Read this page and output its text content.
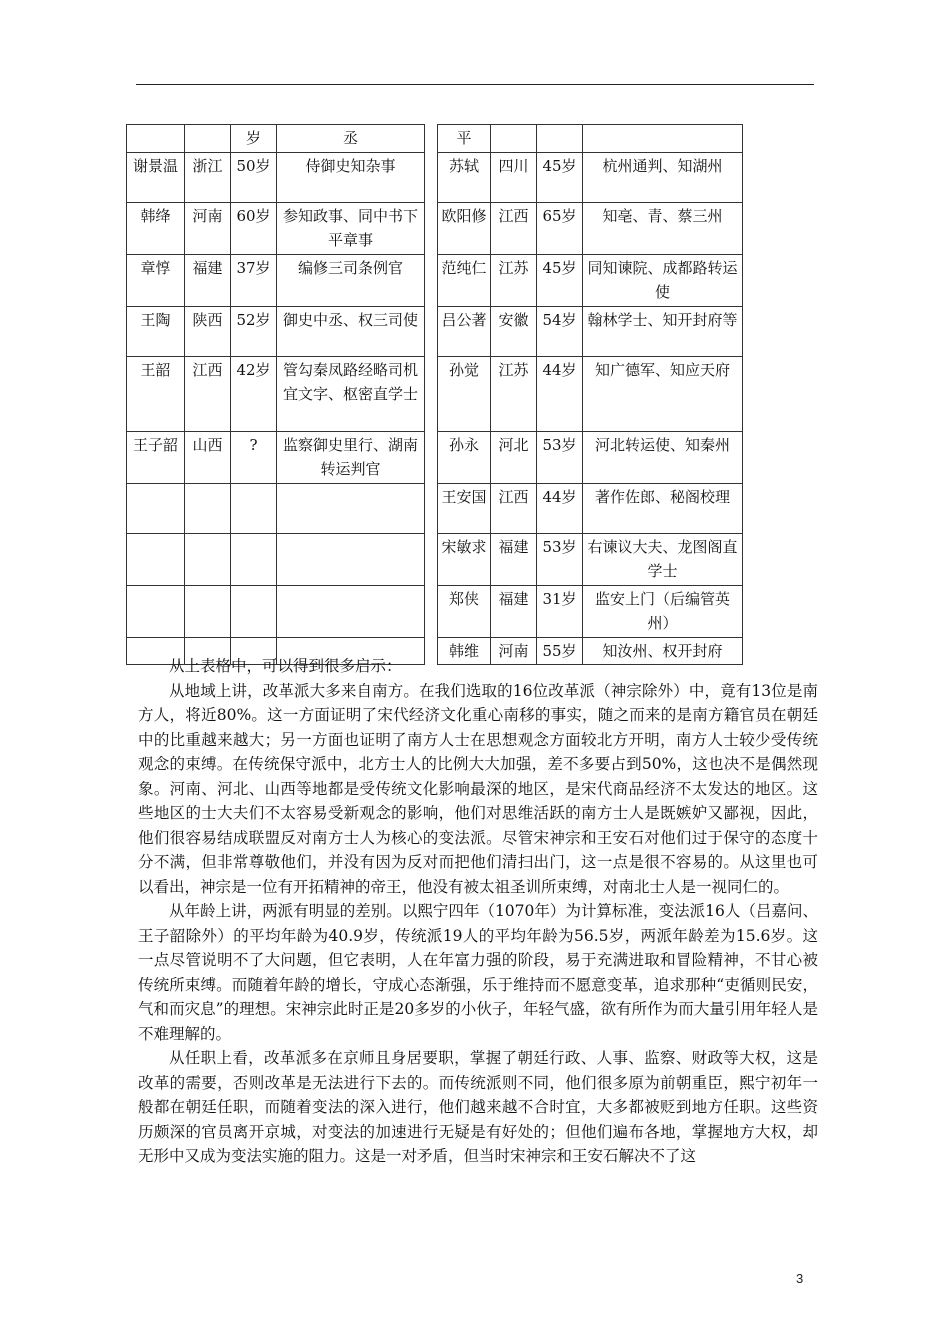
		岁	丞		平			
谢景温	浙江	50岁	侍御史知杂事		苏轼	四川	45岁	杭州通判、知湖州
韩绛	河南	60岁	参知政事、同中书下平章事		欧阳修	江西	65岁	知亳、青、蔡三州
章惇	福建	37岁	编修三司条例官		范纯仁	江苏	45岁	同知谏院、成都路转运使
王陶	陕西	52岁	御史中丞、权三司使		吕公著	安徽	54岁	翰林学士、知开封府等
王韶	江西	42岁	管勾秦凤路经略司机宜文字、枢密直学士		孙觉	江苏	44岁	知广德军、知应天府
王子韶	山西	?	监察御史里行、湖南转运判官		孙永	河北	53岁	河北转运使、知秦州
					王安国	江西	44岁	著作佐郎、秘阁校理
					宋敏求	福建	53岁	右谏议大夫、龙图阁直学士
					郑侠	福建	31岁	监安上门（后编管英州）
					韩维	河南	55岁	知汝州、权开封府

从上表格中，可以得到很多启示：

从地域上讲，改革派大多来自南方。在我们选取的16位改革派（神宗除外）中，竟有13位是南方人，将近80%。这一方面证明了宋代经济文化重心南移的事实，随之而来的是南方籍官员在朝廷中的比重越来越大；另一方面也证明了南方人士在思想观念方面较北方开明，南方人士较少受传统观念的束缚。在传统保守派中，北方士人的比例大大加强，差不多要占到50%，这也决不是偶然现象。河南、河北、山西等地都是受传统文化影响最深的地区，是宋代商品经济不太发达的地区。这些地区的士大夫们不太容易受新观念的影响，他们对思维活跃的南方士人是既嫉妒又鄙视，因此，他们很容易结成联盟反对南方士人为核心的变法派。尽管宋神宗和王安石对他们过于保守的态度十分不满，但非常尊敬他们，并没有因为反对而把他们清扫出门，这一点是很不容易的。从这里也可以看出，神宗是一位有开拓精神的帝王，他没有被太祖圣训所束缚，对南北士人是一视同仁的。

从年龄上讲，两派有明显的差别。以熙宁四年（1070年）为计算标准，变法派16人（吕嘉问、王子韶除外）的平均年龄为40.9岁，传统派19人的平均年龄为56.5岁，两派年龄差为15.6岁。这一点尽管说明不了大问题，但它表明，人在年富力强的阶段，易于充满进取和冒险精神，不甘心被传统所束缚。而随着年龄的增长，守成心态渐强，乐于维持而不愿意变革，追求那种“吏循则民安，气和而灾息”的理想。宋神宗此时正是20多岁的小伙子，年轻气盛，欲有所作为而大量引用年轻人是不难理解的。

从任职上看，改革派多在京师且身居要职，掌握了朝廷行政、人事、监察、财政等大权，这是改革的需要，否则改革是无法进行下去的。而传统派则不同，他们很多原为前朝重臣，熙宁初年一般都在朝廷任职，而随着变法的深入进行，他们越来越不合时宜，大多都被贬到地方任职。这些资历颇深的官员离开京城，对变法的加速进行无疑是有好处的；但他们遍布各地，掌握地方大权，却无形中又成为变法实施的阻力。这是一对矛盾，但当时宋神宗和王安石解决不了这

3
